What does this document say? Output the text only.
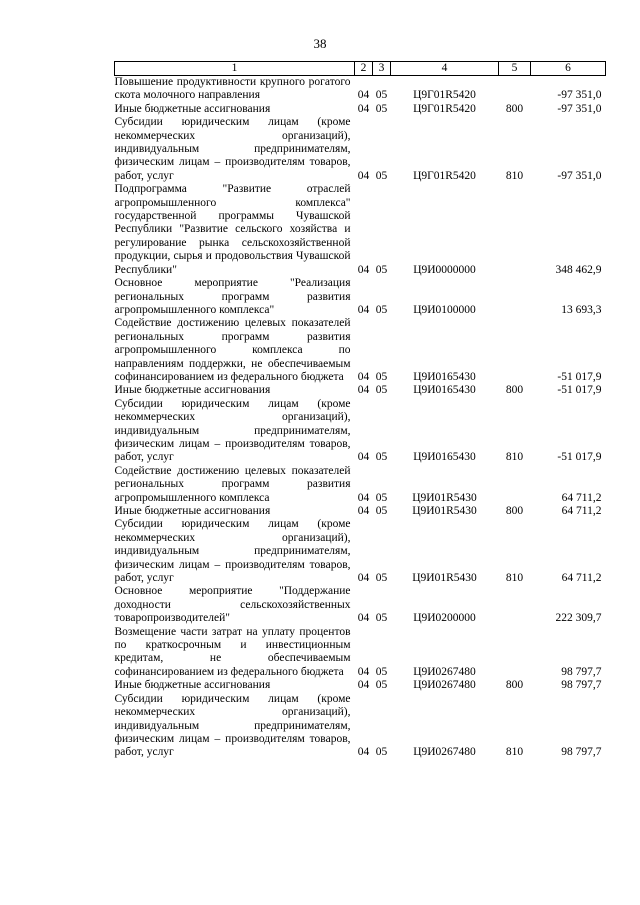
38
1	2	3	4	5	6
Повышение продуктивности крупного рогатого скота молочного направления	04	05	Ц9Г01R5420		-97 351,0
Иные бюджетные ассигнования	04	05	Ц9Г01R5420	800	-97 351,0
Субсидии юридическим лицам (кроме некоммерческих организаций), индивидуальным предпринимателям, физическим лицам – производителям товаров, работ, услуг	04	05	Ц9Г01R5420	810	-97 351,0
Подпрограмма "Развитие отраслей агропромышленного комплекса" государственной программы Чувашской Республики "Развитие сельского хозяйства и регулирование рынка сельскохозяйственной продукции, сырья и продовольствия Чувашской Республики"	04	05	Ц9И0000000		348 462,9
Основное мероприятие "Реализация региональных программ развития агропромышленного комплекса"	04	05	Ц9И0100000		13 693,3
Содействие достижению целевых показателей региональных программ развития агропромышленного комплекса по направлениям поддержки, не обеспечиваемым софинансированием из федерального бюджета	04	05	Ц9И0165430		-51 017,9
Иные бюджетные ассигнования	04	05	Ц9И0165430	800	-51 017,9
Субсидии юридическим лицам (кроме некоммерческих организаций), индивидуальным предпринимателям, физическим лицам – производителям товаров, работ, услуг	04	05	Ц9И0165430	810	-51 017,9
Содействие достижению целевых показателей региональных программ развития агропромышленного комплекса	04	05	Ц9И01R5430		64 711,2
Иные бюджетные ассигнования	04	05	Ц9И01R5430	800	64 711,2
Субсидии юридическим лицам (кроме некоммерческих организаций), индивидуальным предпринимателям, физическим лицам – производителям товаров, работ, услуг	04	05	Ц9И01R5430	810	64 711,2
Основное мероприятие "Поддержание доходности сельскохозяйственных товаропроизводителей"	04	05	Ц9И0200000		222 309,7
Возмещение части затрат на уплату процентов по краткосрочным и инвестиционным кредитам, не обеспечиваемым софинансированием из федерального бюджета	04	05	Ц9И0267480		98 797,7
Иные бюджетные ассигнования	04	05	Ц9И0267480	800	98 797,7
Субсидии юридическим лицам (кроме некоммерческих организаций), индивидуальным предпринимателям, физическим лицам – производителям товаров, работ, услуг	04	05	Ц9И0267480	810	98 797,7
